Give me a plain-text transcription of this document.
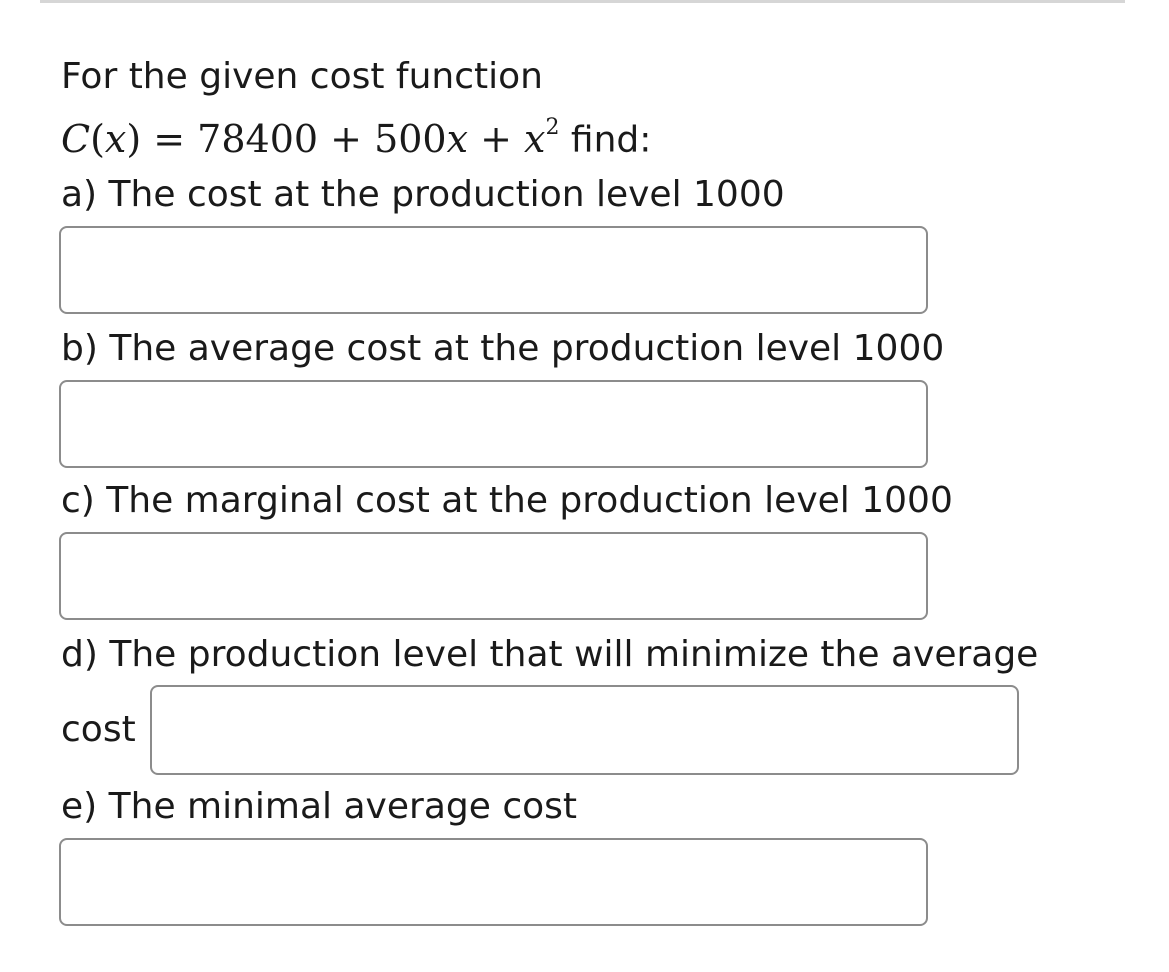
For the given cost function
$C(x) = 78400 + 500x + x^2$ find:
a) The cost at the production level 1000
b) The average cost at the production level 1000
c) The marginal cost at the production level 1000
d) The production level that will minimize the average
cost
e) The minimal average cost
